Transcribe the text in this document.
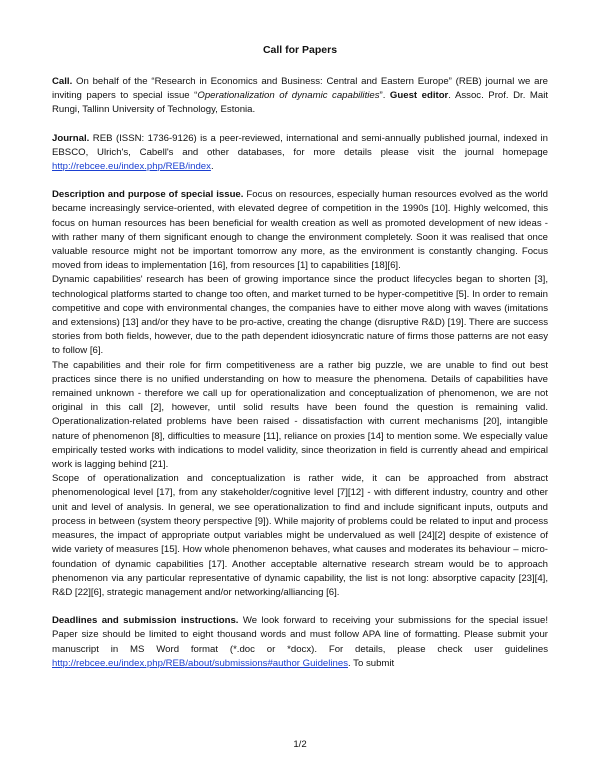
Call for Papers

Call. On behalf of the “Research in Economics and Business: Central and Eastern Europe” (REB) journal we are inviting papers to special issue “Operationalization of dynamic capabilities”. Guest editor. Assoc. Prof. Dr. Mait Rungi, Tallinn University of Technology, Estonia.

Journal. REB (ISSN: 1736-9126) is a peer-reviewed, international and semi-annually published journal, indexed in EBSCO, Ulrich's, Cabell's and other databases, for more details please visit the journal homepage http://rebcee.eu/index.php/REB/index.

Description and purpose of special issue. Focus on resources, especially human resources evolved as the world became increasingly service-oriented, with elevated degree of competition in the 1990s [10]. Highly welcomed, this focus on human resources has been beneficial for wealth creation as well as promoted development of new ideas - with rather many of them significant enough to change the environment completely. Soon it was realised that once valuable resource might not be important tomorrow any more, as the environment is constantly changing. Focus moved from ideas to implementation [16], from resources [1] to capabilities [18][6].

Dynamic capabilities' research has been of growing importance since the product lifecycles began to shorten [3], technological platforms started to change too often, and market turned to be hyper-competitive [5]. In order to remain competitive and cope with environmental changes, the companies have to either move along with waves (imitations and extensions) [13] and/or they have to be pro-active, creating the change (disruptive R&D) [19]. There are success stories from both fields, however, due to the path dependent idiosyncratic nature of firms those patterns are not easy to follow [6].

The capabilities and their role for firm competitiveness are a rather big puzzle, we are unable to find out best practices since there is no unified understanding on how to measure the phenomena. Details of capabilities have remained unknown - therefore we call up for operationalization and conceptualization of phenomenon, we are not original in this call [2], however, until solid results have been found the question is remaining valid. Operationalization-related problems have been raised - dissatisfaction with current mechanisms [20], intangible nature of phenomenon [8], difficulties to measure [11], reliance on proxies [14] to mention some. We especially value empirically tested works with indications to model validity, since theorization in field is currently ahead and empirical work is lagging behind [21].

Scope of operationalization and conceptualization is rather wide, it can be approached from abstract phenomenological level [17], from any stakeholder/cognitive level [7][12] - with different industry, country and other unit and level of analysis. In general, we see operationalization to find and include significant inputs, outputs and process in between (system theory perspective [9]). While majority of problems could be related to input and process measures, the impact of appropriate output variables might be undervalued as well [24][2] despite of existence of wide variety of measures [15]. How whole phenomenon behaves, what causes and moderates its behaviour – micro-foundation of dynamic capabilities [17]. Another acceptable alternative research stream would be to approach phenomenon via any particular representative of dynamic capability, the list is not long: absorptive capacity [23][4], R&D [22][6], strategic management and/or networking/alliancing [6].

Deadlines and submission instructions. We look forward to receiving your submissions for the special issue! Paper size should be limited to eight thousand words and must follow APA line of formatting. Please submit your manuscript in MS Word format (*.doc or *docx). For details, please check user guidelines http://rebcee.eu/index.php/REB/about/submissions#author Guidelines. To submit

1/2
